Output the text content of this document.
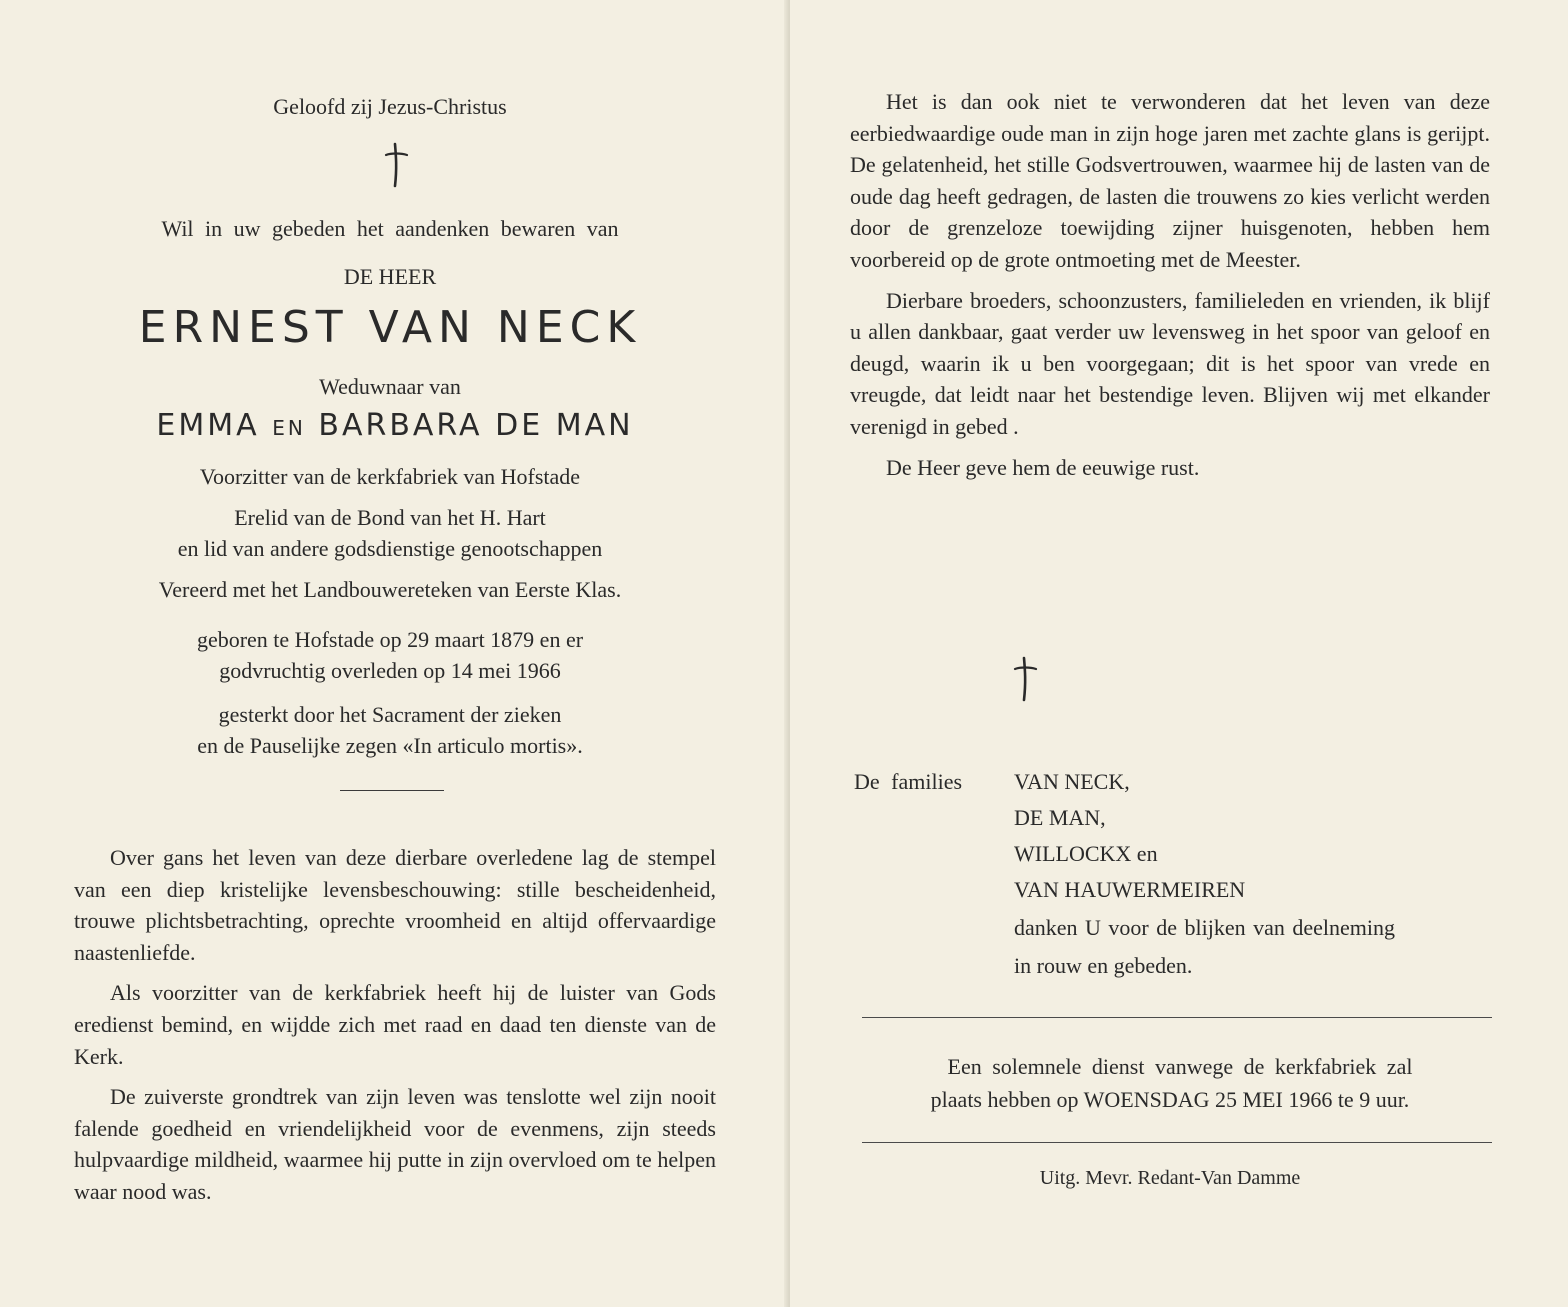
Geloofd zij Jezus-Christus
Wil in uw gebeden het aandenken bewaren van
DE HEER
ERNEST VAN NECK
Weduwnaar van
EMMA EN BARBARA DE MAN
Voorzitter van de kerkfabriek van Hofstade
Erelid van de Bond van het H. Hart
en lid van andere godsdienstige genootschappen
Vereerd met het Landbouwereteken van Eerste Klas.
geboren te Hofstade op 29 maart 1879 en er
godvruchtig overleden op 14 mei 1966
gesterkt door het Sacrament der zieken
en de Pauselijke zegen «In articulo mortis».

Over gans het leven van deze dierbare overledene lag de stempel van een diep kristelijke levensbeschouwing: stille bescheidenheid, trouwe plichtsbetrachting, oprechte vroomheid en altijd offervaardige naastenliefde.

Als voorzitter van de kerkfabriek heeft hij de luister van Gods eredienst bemind, en wijdde zich met raad en daad ten dienste van de Kerk.

De zuiverste grondtrek van zijn leven was tenslotte wel zijn nooit falende goedheid en vriendelijkheid voor de evenmens, zijn steeds hulpvaardige mildheid, waarmee hij putte in zijn overvloed om te helpen waar nood was.

Het is dan ook niet te verwonderen dat het leven van deze eerbiedwaardige oude man in zijn hoge jaren met zachte glans is gerijpt. De gelatenheid, het stille Godsvertrouwen, waarmee hij de lasten van de oude dag heeft gedragen, de lasten die trouwens zo kies verlicht werden door de grenzeloze toewijding zijner huisgenoten, hebben hem voorbereid op de grote ontmoeting met de Meester.

Dierbare broeders, schoonzusters, familieleden en vrienden, ik blijf u allen dankbaar, gaat verder uw levensweg in het spoor van geloof en deugd, waarin ik u ben voorgegaan; dit is het spoor van vrede en vreugde, dat leidt naar het bestendige leven. Blijven wij met elkander verenigd in gebed .

De Heer geve hem de eeuwige rust.

De families VAN NECK,
DE MAN,
WILLOCKX en
VAN HAUWERMEIREN
danken U voor de blijken van deelneming
in rouw en gebeden.
Een solemnele dienst vanwege de kerkfabriek zal
plaats hebben op WOENSDAG 25 MEI 1966 te 9 uur.
Uitg. Mevr. Redant-Van Damme
